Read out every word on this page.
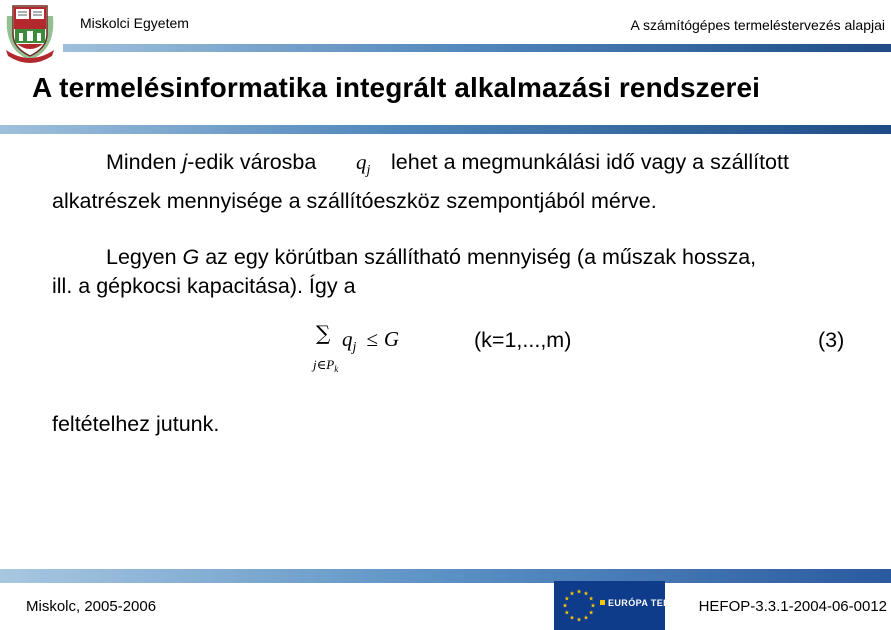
Miskolci Egyetem	A számítógépes termeléstervezés alapjai
A termelésinformatika integrált alkalmazási rendszerei
Minden j-edik városba $q_j$ lehet a megmunkálási idő vagy a szállított
alkatrészek mennyisége a szállítóeszköz szempontjából mérve.
Legyen G az egy körútban szállítható mennyiség (a műszak hossza,
ill. a gépkocsi kapacitása). Így a
∑ $q_j \le G$
$j\in P_k$
(k=1,...,m)	(3)
feltételhez jutunk.
Miskolc, 2005-2006	EURÓPA TERV HEFOP-3.3.1-2004-06-0012
